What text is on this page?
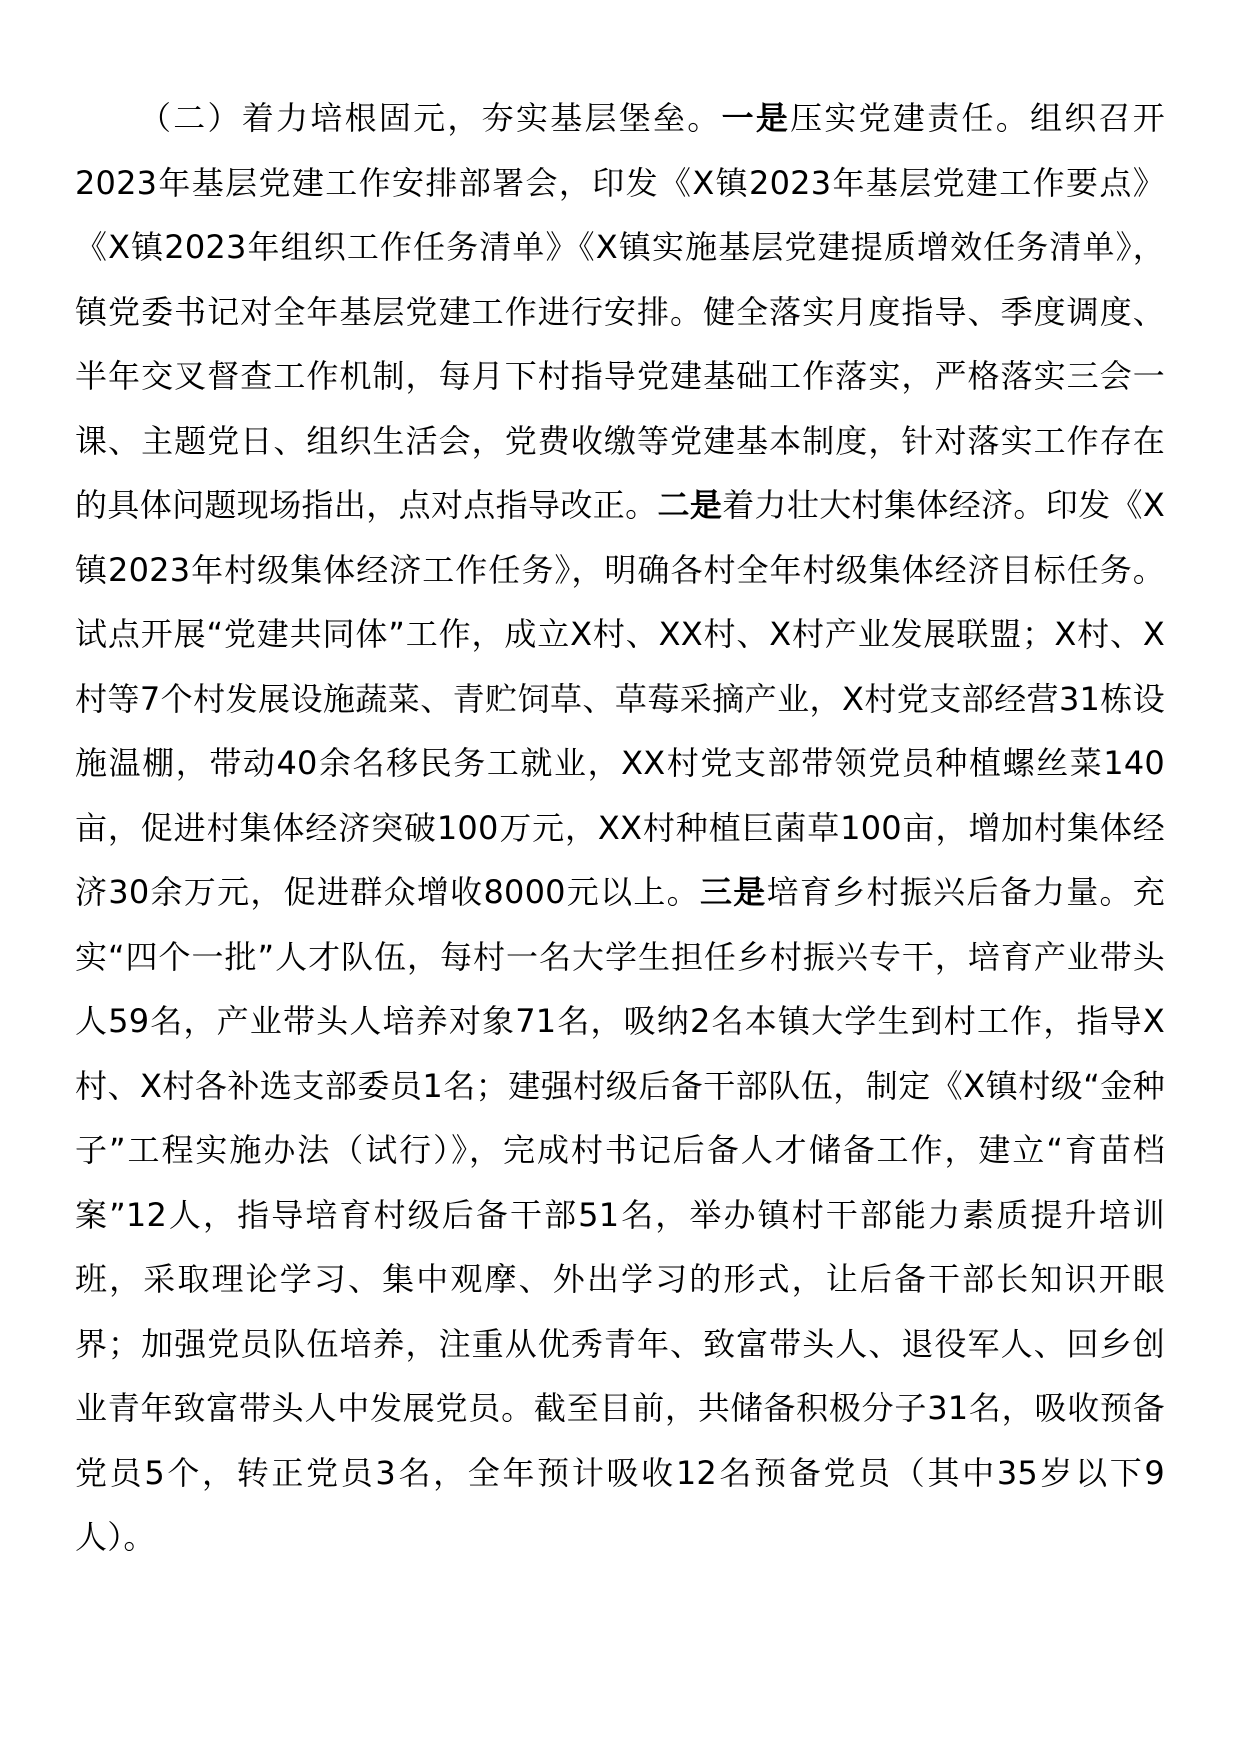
（二）着力培根固元，夯实基层堡垒。一是压实党建责任。组织召开2023年基层党建工作安排部署会，印发《X镇2023年基层党建工作要点》《X镇2023年组织工作任务清单》《X镇实施基层党建提质增效任务清单》，镇党委书记对全年基层党建工作进行安排。健全落实月度指导、季度调度、半年交叉督查工作机制，每月下村指导党建基础工作落实，严格落实三会一课、主题党日、组织生活会，党费收缴等党建基本制度，针对落实工作存在的具体问题现场指出，点对点指导改正。二是着力壮大村集体经济。印发《X镇2023年村级集体经济工作任务》，明确各村全年村级集体经济目标任务。试点开展“党建共同体”工作，成立X村、XX村、X村产业发展联盟；X村、X村等7个村发展设施蔬菜、青贮饲草、草莓采摘产业，X村党支部经营31栋设施温棚，带动40余名移民务工就业，XX村党支部带领党员种植螺丝菜140亩，促进村集体经济突破100万元，XX村种植巨菌草100亩，增加村集体经济30余万元，促进群众增收8000元以上。三是培育乡村振兴后备力量。充实“四个一批”人才队伍，每村一名大学生担任乡村振兴专干，培育产业带头人59名，产业带头人培养对象71名，吸纳2名本镇大学生到村工作，指导X村、X村各补选支部委员1名；建强村级后备干部队伍，制定《X镇村级“金种子”工程实施办法（试行）》，完成村书记后备人才储备工作，建立“育苗档案”12人，指导培育村级后备干部51名，举办镇村干部能力素质提升培训班，采取理论学习、集中观摩、外出学习的形式，让后备干部长知识开眼界；加强党员队伍培养，注重从优秀青年、致富带头人、退役军人、回乡创业青年致富带头人中发展党员。截至目前，共储备积极分子31名，吸收预备党员5个，转正党员3名，全年预计吸收12名预备党员（其中35岁以下9人）。
